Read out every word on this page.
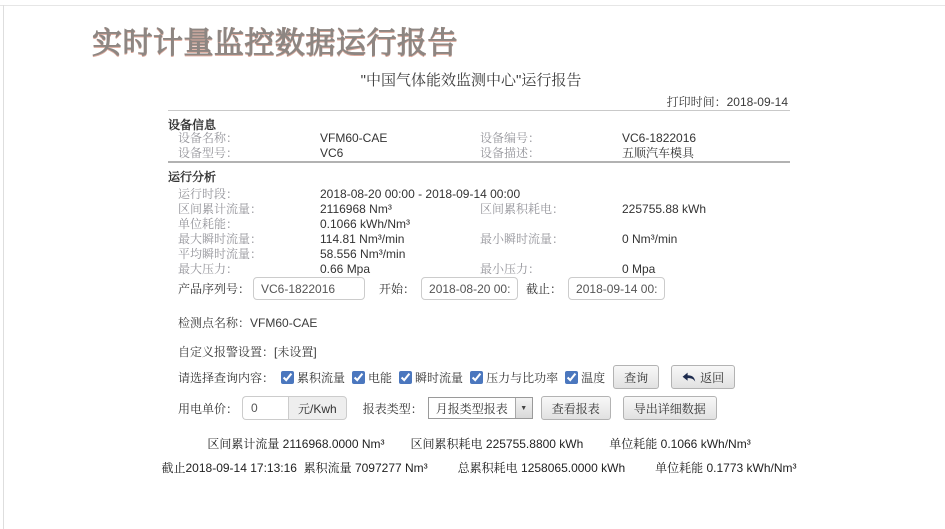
实时计量监控数据运行报告
"中国气体能效监测中心"运行报告
打印时间：2018-09-14
设备信息
设备名称：	VFM60-CAE	设备编号：	VC6-1822016
设备型号：	VC6	设备描述：	五顺汽车模具
运行分析
运行时段：	2018-08-20 00:00 - 2018-09-14 00:00
区间累计流量：	2116968 Nm³	区间累积耗电：	225755.88 kWh
单位耗能：	0.1066 kWh/Nm³
最大瞬时流量：	114.81 Nm³/min	最小瞬时流量：	0 Nm³/min
平均瞬时流量：	58.556 Nm³/min
最大压力：	0.66 Mpa	最小压力：	0 Mpa
产品序列号：
VC6-1822016	开始：
2018-08-20 00:00	截止：
2018-09-14 00:00
检测点名称： VFM60-CAE
自定义报警设置： [未设置]
请选择查询内容： 累积流量 电能 瞬时流量 压力与比功率 温度 查询	返回
用电单价：
0	元/Kwh	报表类型：	月报类型报表	▼	查看报表	导出详细数据
区间累计流量 2116968.0000 Nm³ 区间累积耗电 225755.8800 kWh 单位耗能 0.1066 kWh/Nm³
截止2018-09-14 17:13:16  累积流量 7097277 Nm³	总累积耗电 1258065.0000 kWh	单位耗能 0.1773 kWh/Nm³
